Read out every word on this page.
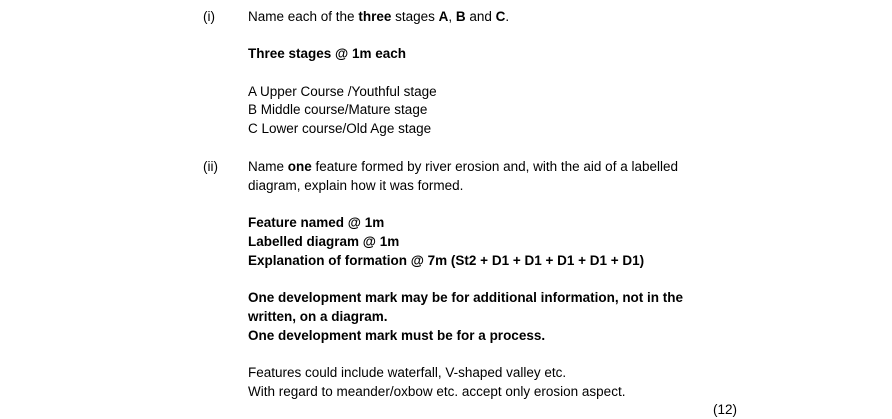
(i) Name each of the three stages A, B and C.
Three stages @ 1m each
A Upper Course /Youthful stage
B Middle course/Mature stage
C Lower course/Old Age stage
(ii) Name one feature formed by river erosion and, with the aid of a labelled
diagram, explain how it was formed.
Feature named @ 1m
Labelled diagram @ 1m
Explanation of formation @ 7m (St2 + D1 + D1 + D1 + D1 + D1)
One development mark may be for additional information, not in the
written, on a diagram.
One development mark must be for a process.
Features could include waterfall, V-shaped valley etc.
With regard to meander/oxbow etc. accept only erosion aspect.
(12)
